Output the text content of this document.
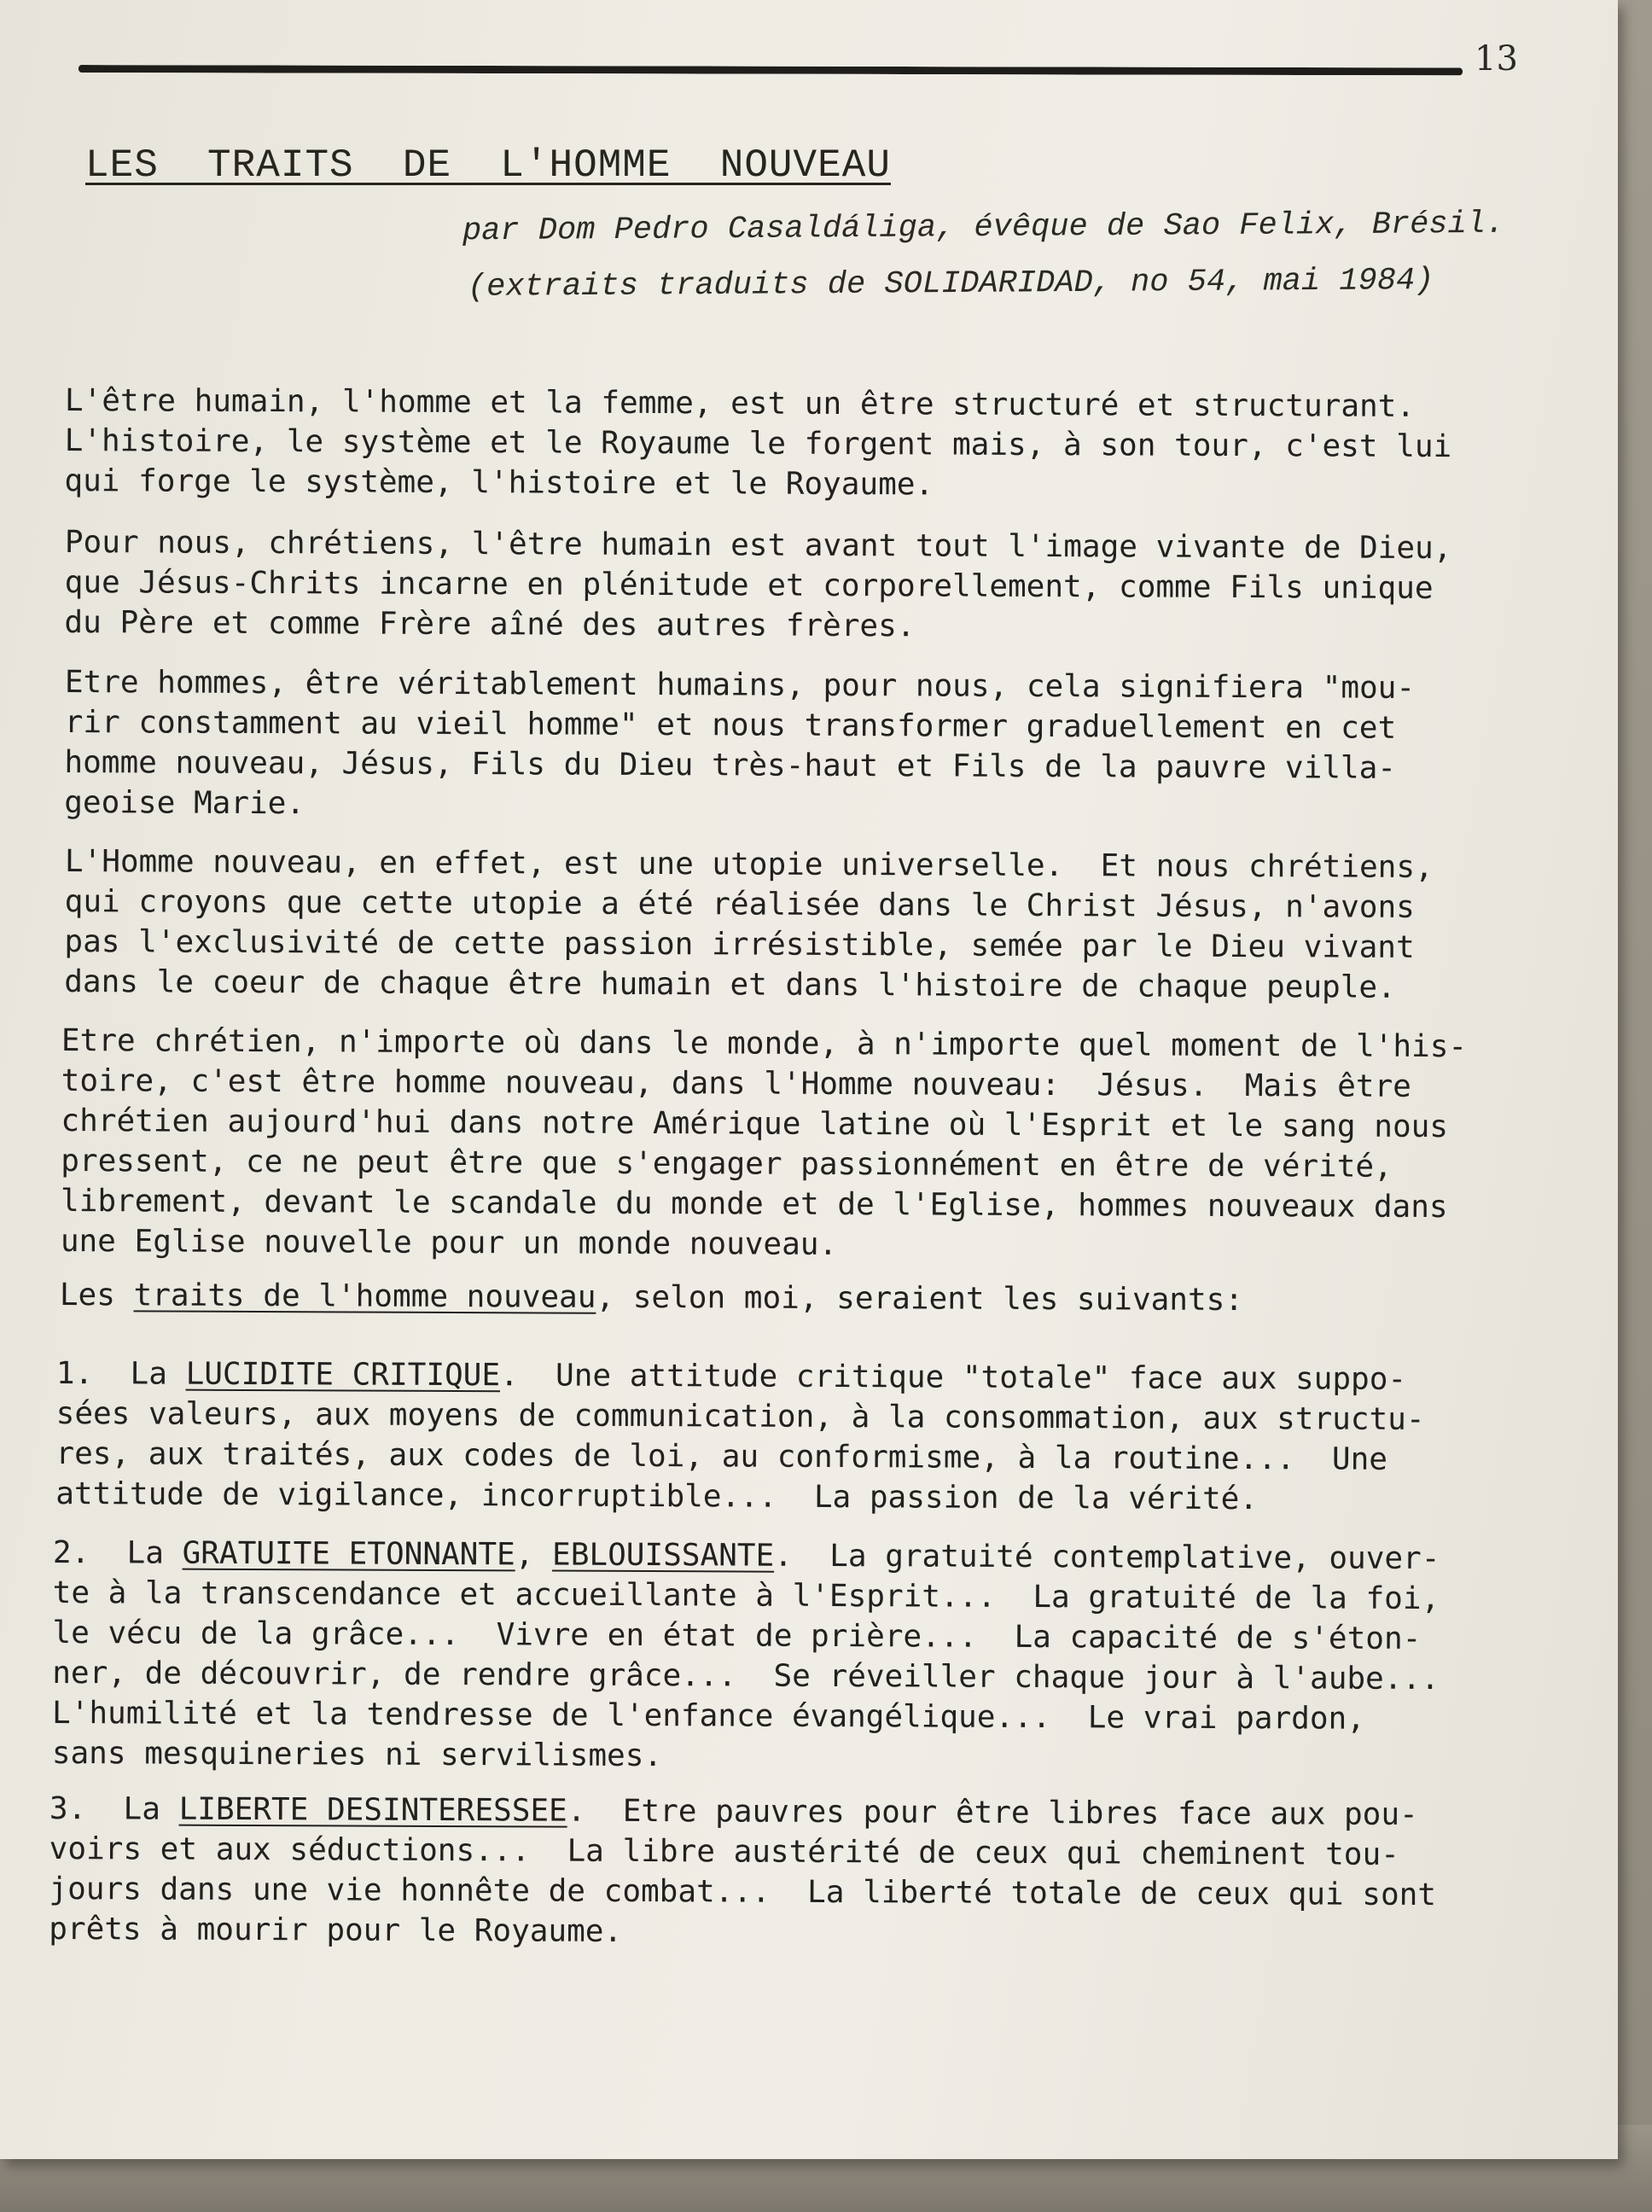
13
LES  TRAITS  DE  L'HOMME  NOUVEAU
par Dom Pedro Casaldáliga, évêque de Sao Felix, Brésil.
(extraits traduits de SOLIDARIDAD, no 54, mai 1984)
L'être humain, l'homme et la femme, est un être structuré et structurant.
L'histoire, le système et le Royaume le forgent mais, à son tour, c'est lui
qui forge le système, l'histoire et le Royaume.
Pour nous, chrétiens, l'être humain est avant tout l'image vivante de Dieu,
que Jésus-Chrits incarne en plénitude et corporellement, comme Fils unique
du Père et comme Frère aîné des autres frères.
Etre hommes, être véritablement humains, pour nous, cela signifiera "mou-
rir constamment au vieil homme" et nous transformer graduellement en cet
homme nouveau, Jésus, Fils du Dieu très-haut et Fils de la pauvre villa-
geoise Marie.
L'Homme nouveau, en effet, est une utopie universelle.  Et nous chrétiens,
qui croyons que cette utopie a été réalisée dans le Christ Jésus, n'avons
pas l'exclusivité de cette passion irrésistible, semée par le Dieu vivant
dans le coeur de chaque être humain et dans l'histoire de chaque peuple.
Etre chrétien, n'importe où dans le monde, à n'importe quel moment de l'his-
toire, c'est être homme nouveau, dans l'Homme nouveau:  Jésus.  Mais être
chrétien aujourd'hui dans notre Amérique latine où l'Esprit et le sang nous
pressent, ce ne peut être que s'engager passionnément en être de vérité,
librement, devant le scandale du monde et de l'Eglise, hommes nouveaux dans
une Eglise nouvelle pour un monde nouveau.
Les traits de l'homme nouveau, selon moi, seraient les suivants:
1.  La LUCIDITE CRITIQUE.  Une attitude critique "totale" face aux suppo-
sées valeurs, aux moyens de communication, à la consommation, aux structu-
res, aux traités, aux codes de loi, au conformisme, à la routine...  Une
attitude de vigilance, incorruptible...  La passion de la vérité.
2.  La GRATUITE ETONNANTE, EBLOUISSANTE.  La gratuité contemplative, ouver-
te à la transcendance et accueillante à l'Esprit...  La gratuité de la foi,
le vécu de la grâce...  Vivre en état de prière...  La capacité de s'éton-
ner, de découvrir, de rendre grâce...  Se réveiller chaque jour à l'aube...
L'humilité et la tendresse de l'enfance évangélique...  Le vrai pardon,
sans mesquineries ni servilismes.
3.  La LIBERTE DESINTERESSEE.  Etre pauvres pour être libres face aux pou-
voirs et aux séductions...  La libre austérité de ceux qui cheminent tou-
jours dans une vie honnête de combat...  La liberté totale de ceux qui sont
prêts à mourir pour le Royaume.
